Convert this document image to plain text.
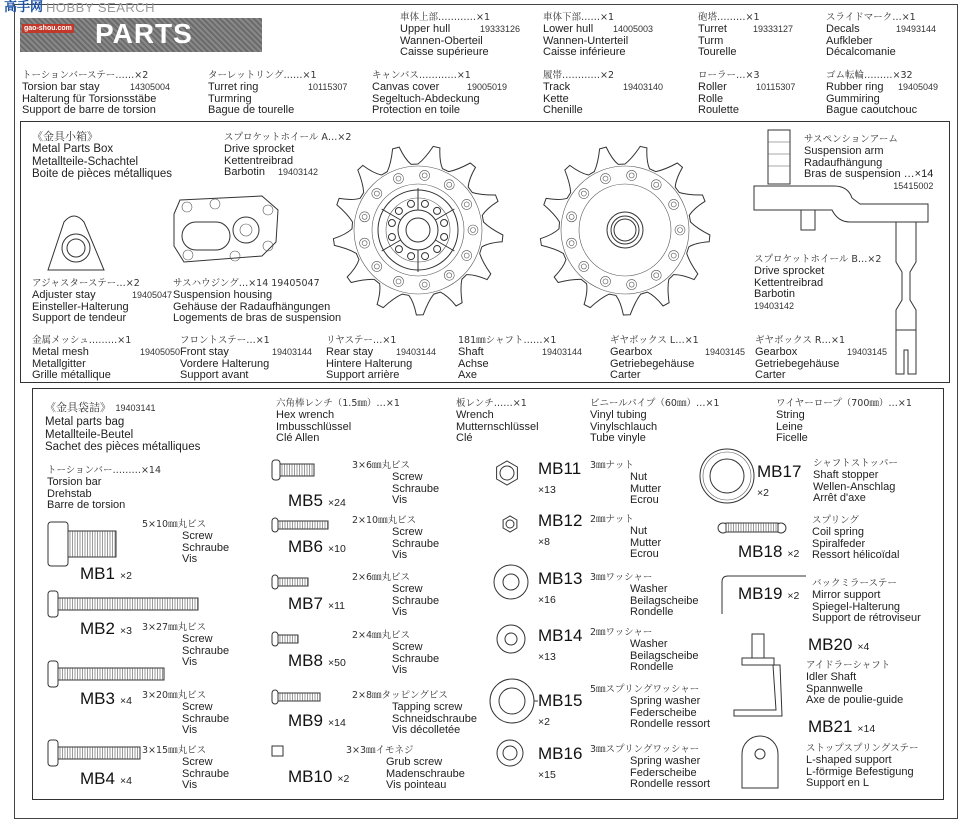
PARTS
高手网 HOBBY SEARCH
gao-shou.com
車体上部…………×1
Upper hull	19333126
Wannen-Oberteil
Caisse supérieure
車体下部……×1
Lower hull 14005003
Wannen-Unterteil
Caisse inférieure
砲塔………×1
Turret	19333127
Turm
Tourelle
スライドマーク…×1
Decals	19493144
Aufkleber
Décalcomanie
トーションバーステー……×2
Torsion bar stay	14305004
Halterung für Torsionsstäbe
Support de barre de torsion
ターレットリング……×1
Turret ring	10115307
Turmring
Bague de tourelle
キャンバス…………×1
Canvas cover	19005019
Segeltuch-Abdeckung
Protection en toile
履帯…………×2
Track	19403140
Kette
Chenille
ローラー…×3
Roller	10115307
Rolle
Roulette
ゴム転輪………×32
Rubber ring 19405049
Gummiring
Bague caoutchouc
《金具小箱》
Metal Parts Box
Metallteile-Schachtel
Boite de pièces métalliques
スプロケットホイール A…×2
Drive sprocket
Kettentreibrad
Barbotin 19403142
サスペンションアーム
Suspension arm
Radaufhängung
Bras de suspension …×14
15415002
アジャスターステー…×2
Adjuster stay	19405047
Einsteller-Halterung
Support de tendeur
サスハウジング…×14 19405047
Suspension housing
Gehäuse der Radaufhängungen
Logements de bras de suspension
スプロケットホイール B…×2
Drive sprocket
Kettentreibrad
Barbotin
19403142
金属メッシュ………×1
Metal mesh	19405050
Metallgitter
Grille métallique
フロントステー…×1
Front stay	19403144
Vordere Halterung
Support avant
リヤステー…×1
Rear stay	19403144
Hintere Halterung
Support arrière
181㎜シャフト……×1
Shaft	19403144
Achse
Axe
ギヤボックス L…×1
Gearbox	19403145
Getriebegehäuse
Carter
ギヤボックス R…×1
Gearbox	19403145
Getriebegehäuse
Carter
《金具袋詰》 19403141
Metal parts bag
Metallteile-Beutel
Sachet des pièces métalliques
トーションバー………×14
Torsion bar
Drehstab
Barre de torsion
六角棒レンチ（1.5㎜）…×1
Hex wrench
Imbusschlüssel
Clé Allen
板レンチ……×1
Wrench
Mutternschlüssel
Clé
ビニールパイプ（60㎜）…×1
Vinyl tubing
Vinylschlauch
Tube vinyle
ワイヤーロープ（700㎜）…×1
String
Leine
Ficelle
MB1 ×2
5×10㎜丸ビス
Screw
Schraube
Vis
MB2 ×3 3×27㎜丸ビス
Screw
Schraube
Vis
MB3 ×4 3×20㎜丸ビス
Screw
Schraube
Vis
MB4 ×4
3×15㎜丸ビス
Screw
Schraube
Vis
MB5 ×24
3×6㎜丸ビス
Screw
Schraube
Vis
MB6 ×10
2×10㎜丸ビス
Screw
Schraube
Vis
MB7 ×11
2×6㎜丸ビス
Screw
Schraube
Vis
MB8 ×50
2×4㎜丸ビス
Screw
Schraube
Vis
MB9 ×14
2×8㎜タッピングビス
Tapping screw
Schneidschraube
Vis décolletée
MB10 ×2
3×3㎜イモネジ
Grub screw
Madenschraube
Vis pointeau
MB11
×13
3㎜ナット
Nut
Mutter
Ecrou
MB12
×8
2㎜ナット
Nut
Mutter
Ecrou
MB13
×16
3㎜ワッシャー
Washer
Beilagscheibe
Rondelle
MB14
×13
2㎜ワッシャー
Washer
Beilagscheibe
Rondelle
MB15
×2
5㎜スプリングワッシャー
Spring washer
Federscheibe
Rondelle ressort
MB16
×15
3㎜スプリングワッシャー
Spring washer
Federscheibe
Rondelle ressort
MB17
×2
シャフトストッパー
Shaft stopper
Wellen-Anschlag
Arrêt d'axe
MB18 ×2
スプリング
Coil spring
Spiralfeder
Ressort hélicoïdal
MB19 ×2
バックミラーステー
Mirror support
Spiegel-Halterung
Support de rétroviseur
MB20 ×4
アイドラーシャフト
Idler Shaft
Spannwelle
Axe de poulie-guide
MB21 ×14
ストップスプリングステー
L-shaped support
L-förmige Befestigung
Support en L
